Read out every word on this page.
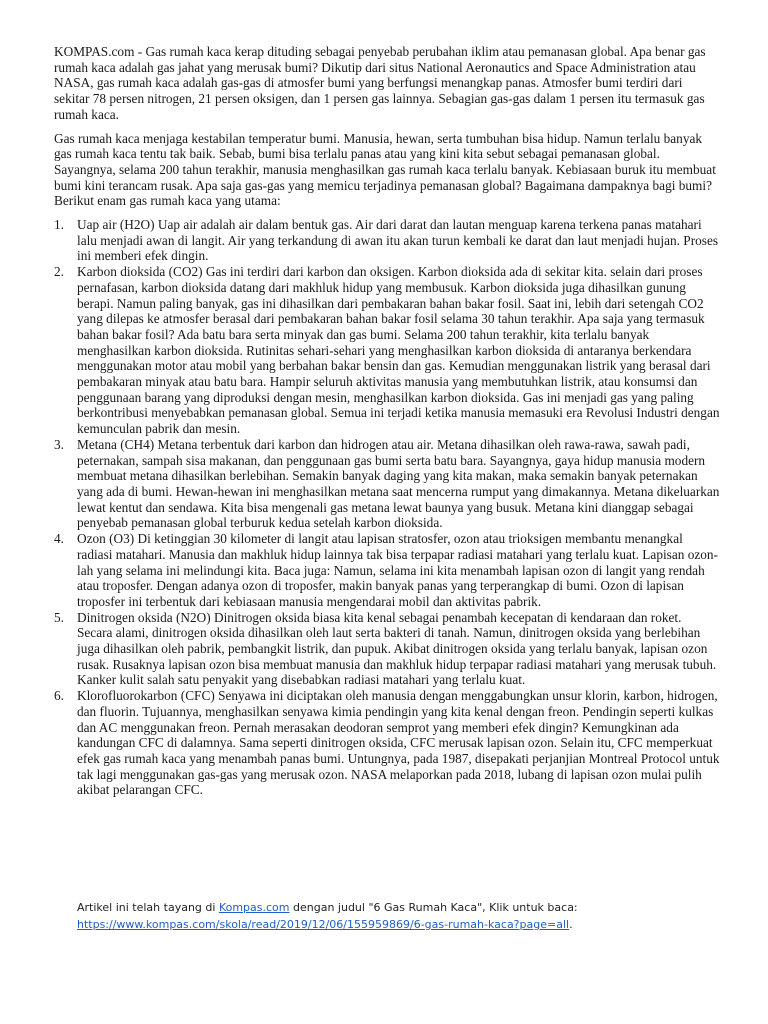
KOMPAS.com - Gas rumah kaca kerap dituding sebagai penyebab perubahan iklim atau pemanasan global. Apa benar gas rumah kaca adalah gas jahat yang merusak bumi? Dikutip dari situs National Aeronautics and Space Administration atau NASA, gas rumah kaca adalah gas-gas di atmosfer bumi yang berfungsi menangkap panas. Atmosfer bumi terdiri dari sekitar 78 persen nitrogen, 21 persen oksigen, dan 1 persen gas lainnya. Sebagian gas-gas dalam 1 persen itu termasuk gas rumah kaca.

Gas rumah kaca menjaga kestabilan temperatur bumi. Manusia, hewan, serta tumbuhan bisa hidup. Namun terlalu banyak gas rumah kaca tentu tak baik. Sebab, bumi bisa terlalu panas atau yang kini kita sebut sebagai pemanasan global. Sayangnya, selama 200 tahun terakhir, manusia menghasilkan gas rumah kaca terlalu banyak. Kebiasaan buruk itu membuat bumi kini terancam rusak. Apa saja gas-gas yang memicu terjadinya pemanasan global? Bagaimana dampaknya bagi bumi? Berikut enam gas rumah kaca yang utama:

1. Uap air (H2O) Uap air adalah air dalam bentuk gas. Air dari darat dan lautan menguap karena terkena panas matahari lalu menjadi awan di langit. Air yang terkandung di awan itu akan turun kembali ke darat dan laut menjadi hujan. Proses ini memberi efek dingin.
2. Karbon dioksida (CO2) Gas ini terdiri dari karbon dan oksigen. Karbon dioksida ada di sekitar kita. selain dari proses pernafasan, karbon dioksida datang dari makhluk hidup yang membusuk. Karbon dioksida juga dihasilkan gunung berapi. Namun paling banyak, gas ini dihasilkan dari pembakaran bahan bakar fosil. Saat ini, lebih dari setengah CO2 yang dilepas ke atmosfer berasal dari pembakaran bahan bakar fosil selama 30 tahun terakhir. Apa saja yang termasuk bahan bakar fosil? Ada batu bara serta minyak dan gas bumi. Selama 200 tahun terakhir, kita terlalu banyak menghasilkan karbon dioksida. Rutinitas sehari-sehari yang menghasilkan karbon dioksida di antaranya berkendara menggunakan motor atau mobil yang berbahan bakar bensin dan gas. Kemudian menggunakan listrik yang berasal dari pembakaran minyak atau batu bara. Hampir seluruh aktivitas manusia yang membutuhkan listrik, atau konsumsi dan penggunaan barang yang diproduksi dengan mesin, menghasilkan karbon dioksida. Gas ini menjadi gas yang paling berkontribusi menyebabkan pemanasan global. Semua ini terjadi ketika manusia memasuki era Revolusi Industri dengan kemunculan pabrik dan mesin.
3. Metana (CH4) Metana terbentuk dari karbon dan hidrogen atau air. Metana dihasilkan oleh rawa-rawa, sawah padi, peternakan, sampah sisa makanan, dan penggunaan gas bumi serta batu bara. Sayangnya, gaya hidup manusia modern membuat metana dihasilkan berlebihan. Semakin banyak daging yang kita makan, maka semakin banyak peternakan yang ada di bumi. Hewan-hewan ini menghasilkan metana saat mencerna rumput yang dimakannya. Metana dikeluarkan lewat kentut dan sendawa. Kita bisa mengenali gas metana lewat baunya yang busuk. Metana kini dianggap sebagai penyebab pemanasan global terburuk kedua setelah karbon dioksida.
4. Ozon (O3) Di ketinggian 30 kilometer di langit atau lapisan stratosfer, ozon atau trioksigen membantu menangkal radiasi matahari. Manusia dan makhluk hidup lainnya tak bisa terpapar radiasi matahari yang terlalu kuat. Lapisan ozon-lah yang selama ini melindungi kita. Baca juga: Namun, selama ini kita menambah lapisan ozon di langit yang rendah atau troposfer. Dengan adanya ozon di troposfer, makin banyak panas yang terperangkap di bumi. Ozon di lapisan troposfer ini terbentuk dari kebiasaan manusia mengendarai mobil dan aktivitas pabrik.
5. Dinitrogen oksida (N2O) Dinitrogen oksida biasa kita kenal sebagai penambah kecepatan di kendaraan dan roket. Secara alami, dinitrogen oksida dihasilkan oleh laut serta bakteri di tanah. Namun, dinitrogen oksida yang berlebihan juga dihasilkan oleh pabrik, pembangkit listrik, dan pupuk. Akibat dinitrogen oksida yang terlalu banyak, lapisan ozon rusak. Rusaknya lapisan ozon bisa membuat manusia dan makhluk hidup terpapar radiasi matahari yang merusak tubuh. Kanker kulit salah satu penyakit yang disebabkan radiasi matahari yang terlalu kuat.
6. Klorofluorokarbon (CFC) Senyawa ini diciptakan oleh manusia dengan menggabungkan unsur klorin, karbon, hidrogen, dan fluorin. Tujuannya, menghasilkan senyawa kimia pendingin yang kita kenal dengan freon. Pendingin seperti kulkas dan AC menggunakan freon. Pernah merasakan deodoran semprot yang memberi efek dingin? Kemungkinan ada kandungan CFC di dalamnya. Sama seperti dinitrogen oksida, CFC merusak lapisan ozon. Selain itu, CFC memperkuat efek gas rumah kaca yang menambah panas bumi. Untungnya, pada 1987, disepakati perjanjian Montreal Protocol untuk tak lagi menggunakan gas-gas yang merusak ozon. NASA melaporkan pada 2018, lubang di lapisan ozon mulai pulih akibat pelarangan CFC.
Artikel ini telah tayang di Kompas.com dengan judul "6 Gas Rumah Kaca", Klik untuk baca: https://www.kompas.com/skola/read/2019/12/06/155959869/6-gas-rumah-kaca?page=all.
